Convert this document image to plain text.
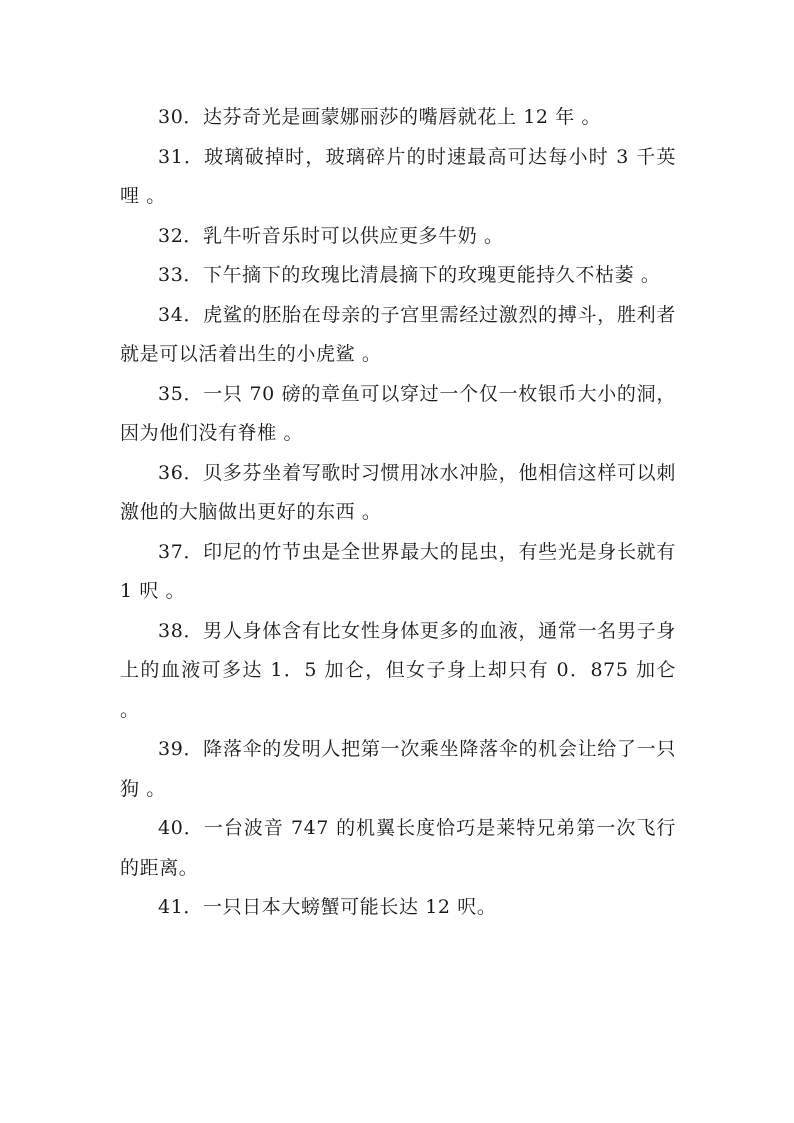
30．达芬奇光是画蒙娜丽莎的嘴唇就花上 12 年 。

31．玻璃破掉时，玻璃碎片的时速最高可达每小时 3 千英哩 。

32．乳牛听音乐时可以供应更多牛奶 。

33．下午摘下的玫瑰比清晨摘下的玫瑰更能持久不枯萎 。

34．虎鲨的胚胎在母亲的子宫里需经过激烈的搏斗，胜利者就是可以活着出生的小虎鲨 。

35．一只 70 磅的章鱼可以穿过一个仅一枚银币大小的洞，因为他们没有脊椎 。

36．贝多芬坐着写歌时习惯用冰水冲脸，他相信这样可以刺激他的大脑做出更好的东西 。

37．印尼的竹节虫是全世界最大的昆虫，有些光是身长就有 1 呎 。

38．男人身体含有比女性身体更多的血液，通常一名男子身上的血液可多达 1．5 加仑，但女子身上却只有 0．875 加仑 。

39．降落伞的发明人把第一次乘坐降落伞的机会让给了一只狗 。

40．一台波音 747 的机翼长度恰巧是莱特兄弟第一次飞行的距离。

41．一只日本大螃蟹可能长达 12 呎。
